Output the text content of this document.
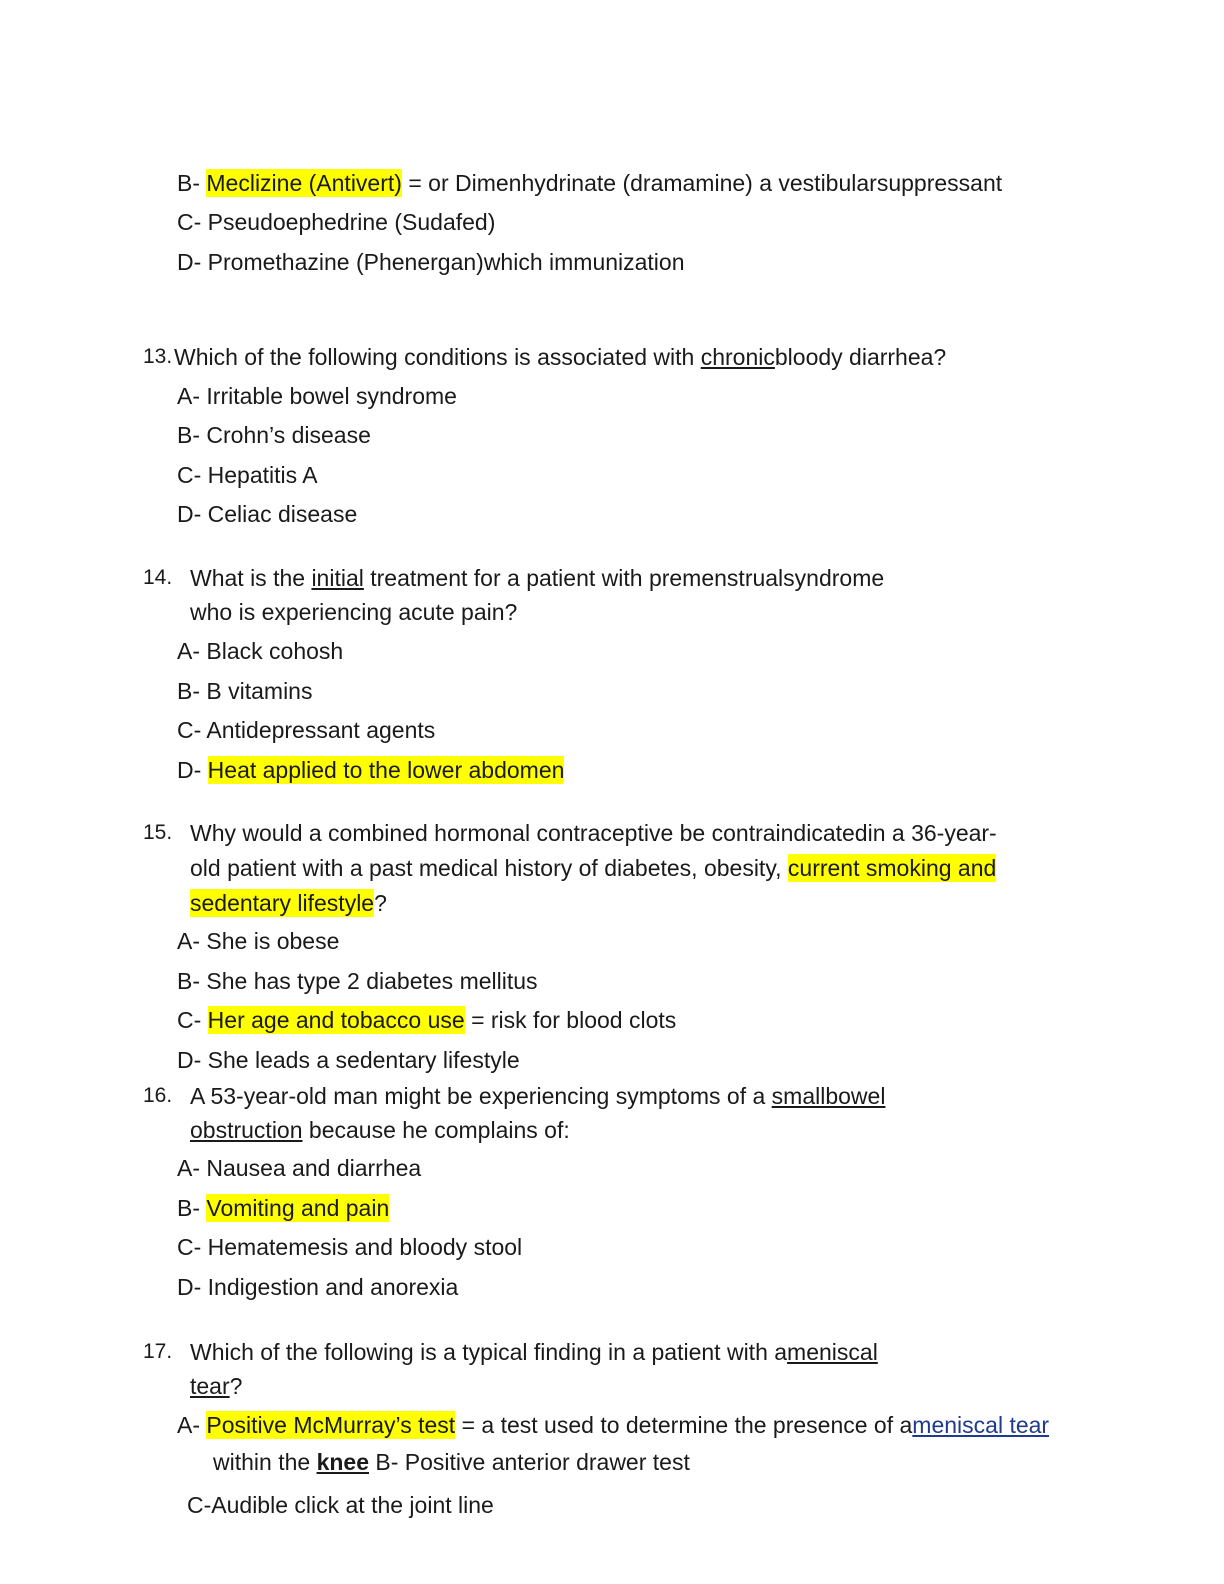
B- Meclizine (Antivert) = or Dimenhydrinate (dramamine) a vestibularsuppressant
C- Pseudoephedrine (Sudafed)
D- Promethazine (Phenergan)which immunization
13. Which of the following conditions is associated with chronicbloody diarrhea?
A- Irritable bowel syndrome
B- Crohn’s disease
C- Hepatitis A
D- Celiac disease
14. What is the initial treatment for a patient with premenstrualsyndrome
who is experiencing acute pain?
A- Black cohosh
B- B vitamins
C- Antidepressant agents
D- Heat applied to the lower abdomen
15. Why would a combined hormonal contraceptive be contraindicatedin a 36-year-
old patient with a past medical history of diabetes, obesity, current smoking and
sedentary lifestyle?
A- She is obese
B- She has type 2 diabetes mellitus
C- Her age and tobacco use = risk for blood clots
D- She leads a sedentary lifestyle
16. A 53-year-old man might be experiencing symptoms of a smallbowel
obstruction because he complains of:
A- Nausea and diarrhea
B- Vomiting and pain
C- Hematemesis and bloody stool
D- Indigestion and anorexia
17. Which of the following is a typical finding in a patient with ameniscal
tear?
A- Positive McMurray’s test = a test used to determine the presence of ameniscal tear
within the knee B- Positive anterior drawer test
C-Audible click at the joint line
